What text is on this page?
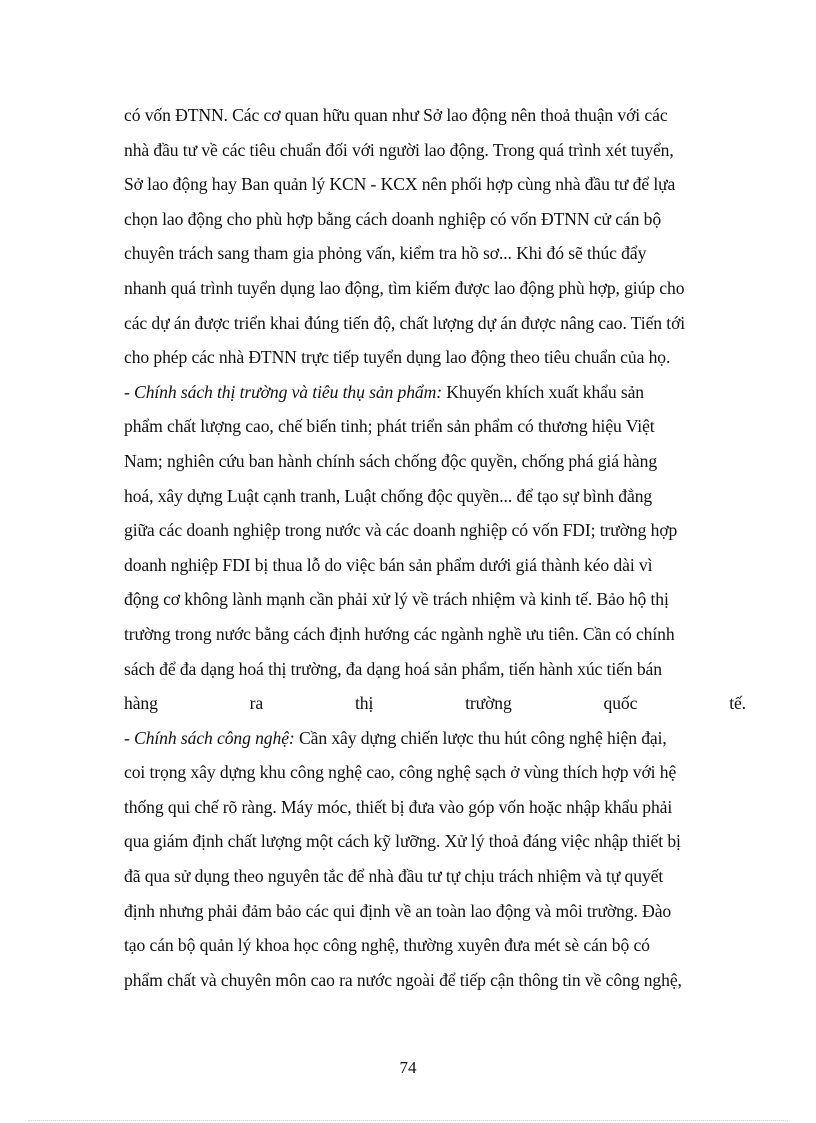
có vốn ĐTNN. Các cơ quan hữu quan như Sở lao động nên thoả thuận với các
nhà đầu tư về các tiêu chuẩn đối với người lao động. Trong quá trình xét tuyển,
Sở lao động hay Ban quản lý KCN - KCX nên phối hợp cùng nhà đầu tư để lựa
chọn lao động cho phù hợp bằng cách doanh nghiệp có vốn ĐTNN cử cán bộ
chuyên trách sang tham gia phỏng vấn, kiểm tra hồ sơ... Khi đó sẽ thúc đẩy
nhanh quá trình tuyển dụng lao động, tìm kiếm được lao động phù hợp, giúp cho
các dự án được triển khai đúng tiến độ, chất lượng dự án được nâng cao. Tiến tới
cho phép các nhà ĐTNN trực tiếp tuyển dụng lao động theo tiêu chuẩn của họ.
- Chính sách thị trường và tiêu thụ sản phẩm: Khuyến khích xuất khẩu sản
phẩm chất lượng cao, chế biến tinh; phát triển sản phẩm có thương hiệu Việt
Nam; nghiên cứu ban hành chính sách chống độc quyền, chống phá giá hàng
hoá, xây dựng Luật cạnh tranh, Luật chống độc quyền... để tạo sự bình đẳng
giữa các doanh nghiệp trong nước và các doanh nghiệp có vốn FDI; trường hợp
doanh nghiệp FDI bị thua lỗ do việc bán sản phẩm dưới giá thành kéo dài vì
động cơ không lành mạnh cần phải xử lý về trách nhiệm và kinh tế. Bảo hộ thị
trường trong nước bằng cách định hướng các ngành nghề ưu tiên. Cần có chính
sách để đa dạng hoá thị trường, đa dạng hoá sản phẩm, tiến hành xúc tiến bán
hàng	ra	thị	trường	quốc	tế.
- Chính sách công nghệ: Cần xây dựng chiến lược thu hút công nghệ hiện đại,
coi trọng xây dựng khu công nghệ cao, công nghệ sạch ở vùng thích hợp với hệ
thống qui chế rõ ràng. Máy móc, thiết bị đưa vào góp vốn hoặc nhập khẩu phải
qua giám định chất lượng một cách kỹ lưỡng. Xử lý thoả đáng việc nhập thiết bị
đã qua sử dụng theo nguyên tắc để nhà đầu tư tự chịu trách nhiệm và tự quyết
định nhưng phải đảm bảo các qui định về an toàn lao động và môi trường. Đào
tạo cán bộ quản lý khoa học công nghệ, thường xuyên đưa mét sè cán bộ có
phẩm chất và chuyên môn cao ra nước ngoài để tiếp cận thông tin về công nghệ,
74
